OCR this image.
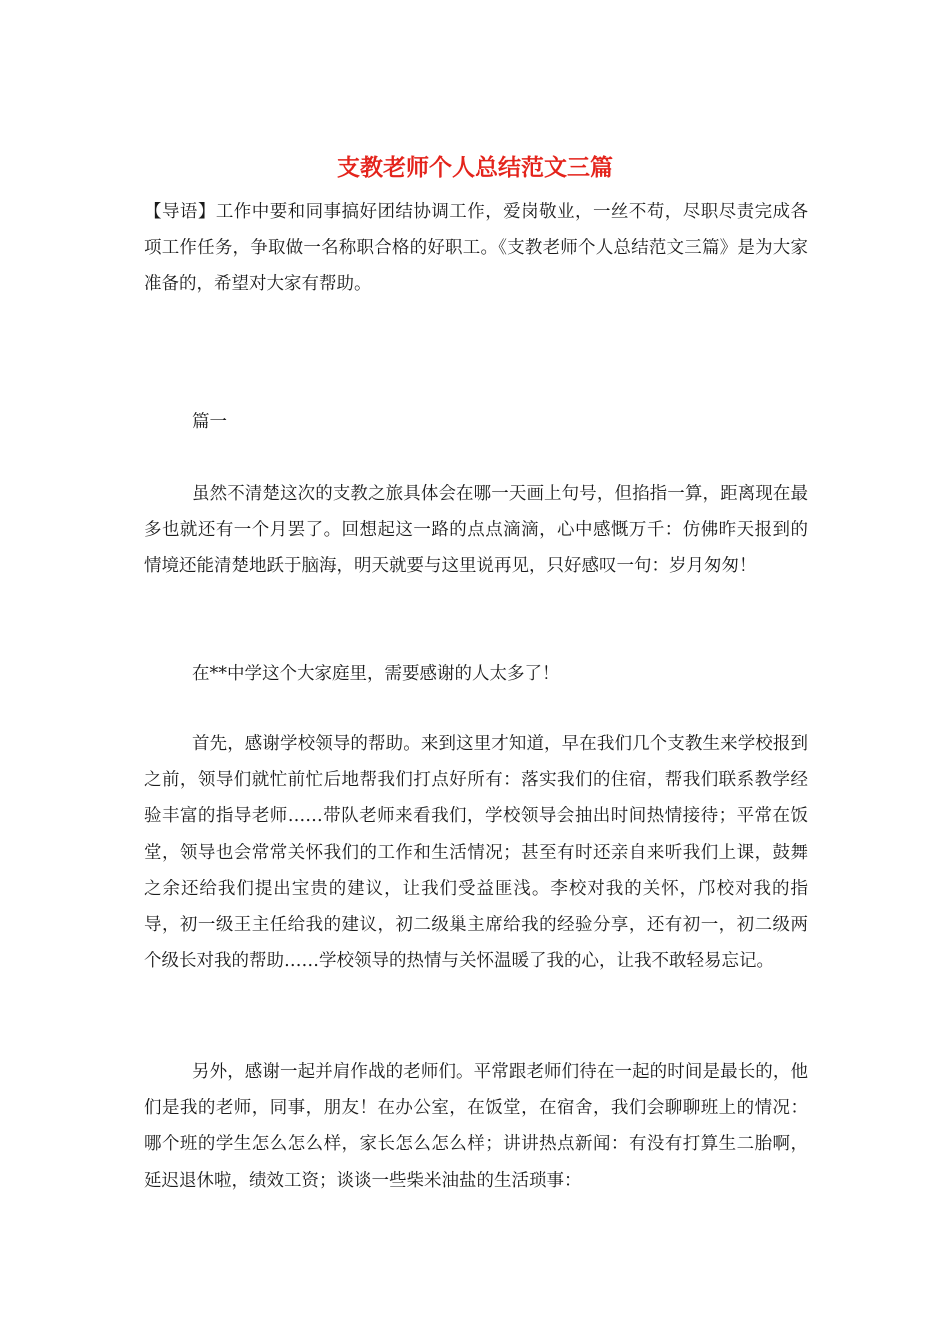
支教老师个人总结范文三篇

【导语】工作中要和同事搞好团结协调工作，爱岗敬业，一丝不苟，尽职尽责完成各项工作任务，争取做一名称职合格的好职工。《支教老师个人总结范文三篇》是为大家准备的，希望对大家有帮助。

篇一

虽然不清楚这次的支教之旅具体会在哪一天画上句号，但掐指一算，距离现在最多也就还有一个月罢了。回想起这一路的点点滴滴，心中感慨万千：仿佛昨天报到的情境还能清楚地跃于脑海，明天就要与这里说再见，只好感叹一句：岁月匆匆！

在**中学这个大家庭里，需要感谢的人太多了！

首先，感谢学校领导的帮助。来到这里才知道，早在我们几个支教生来学校报到之前，领导们就忙前忙后地帮我们打点好所有：落实我们的住宿，帮我们联系教学经验丰富的指导老师……带队老师来看我们，学校领导会抽出时间热情接待；平常在饭堂，领导也会常常关怀我们的工作和生活情况；甚至有时还亲自来听我们上课，鼓舞之余还给我们提出宝贵的建议，让我们受益匪浅。李校对我的关怀，邝校对我的指导，初一级王主任给我的建议，初二级巢主席给我的经验分享，还有初一，初二级两个级长对我的帮助……学校领导的热情与关怀温暖了我的心，让我不敢轻易忘记。

另外，感谢一起并肩作战的老师们。平常跟老师们待在一起的时间是最长的，他们是我的老师，同事，朋友！在办公室，在饭堂，在宿舍，我们会聊聊班上的情况：哪个班的学生怎么怎么样，家长怎么怎么样；讲讲热点新闻：有没有打算生二胎啊，延迟退休啦，绩效工资；谈谈一些柴米油盐的生活琐事：
